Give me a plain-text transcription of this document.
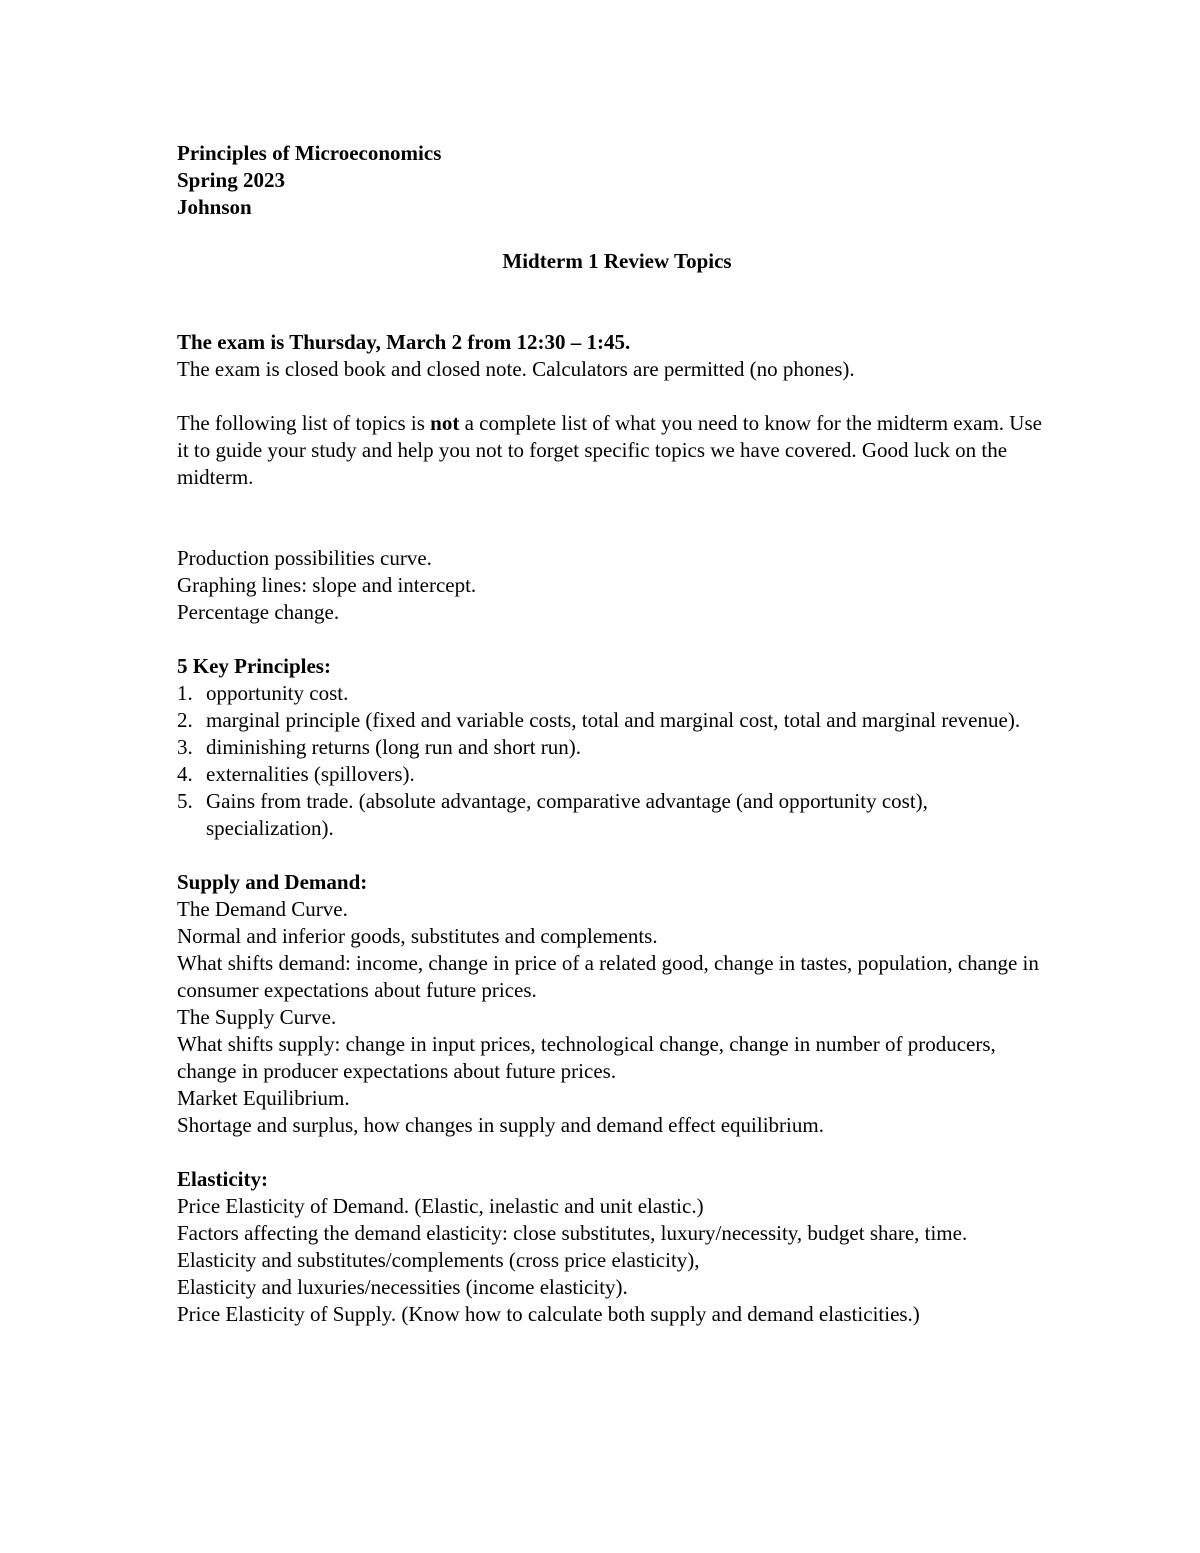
Principles of Microeconomics

Spring 2023

Johnson

Midterm 1 Review Topics

The exam is Thursday, March 2 from 12:30 – 1:45.

The exam is closed book and closed note. Calculators are permitted (no phones).

The following list of topics is not a complete list of what you need to know for the midterm exam. Use it to guide your study and help you not to forget specific topics we have covered. Good luck on the midterm.

Production possibilities curve.

Graphing lines: slope and intercept.

Percentage change.

5 Key Principles:

1. opportunity cost.
2. marginal principle (fixed and variable costs, total and marginal cost, total and marginal revenue).
3. diminishing returns (long run and short run).
4. externalities (spillovers).
5. Gains from trade. (absolute advantage, comparative advantage (and opportunity cost), specialization).

Supply and Demand:

The Demand Curve.

Normal and inferior goods, substitutes and complements.

What shifts demand: income, change in price of a related good, change in tastes, population, change in consumer expectations about future prices.

The Supply Curve.

What shifts supply: change in input prices, technological change, change in number of producers, change in producer expectations about future prices.

Market Equilibrium.

Shortage and surplus, how changes in supply and demand effect equilibrium.

Elasticity:

Price Elasticity of Demand. (Elastic, inelastic and unit elastic.)

Factors affecting the demand elasticity: close substitutes, luxury/necessity, budget share, time.

Elasticity and substitutes/complements (cross price elasticity),

Elasticity and luxuries/necessities (income elasticity).

Price Elasticity of Supply. (Know how to calculate both supply and demand elasticities.)
